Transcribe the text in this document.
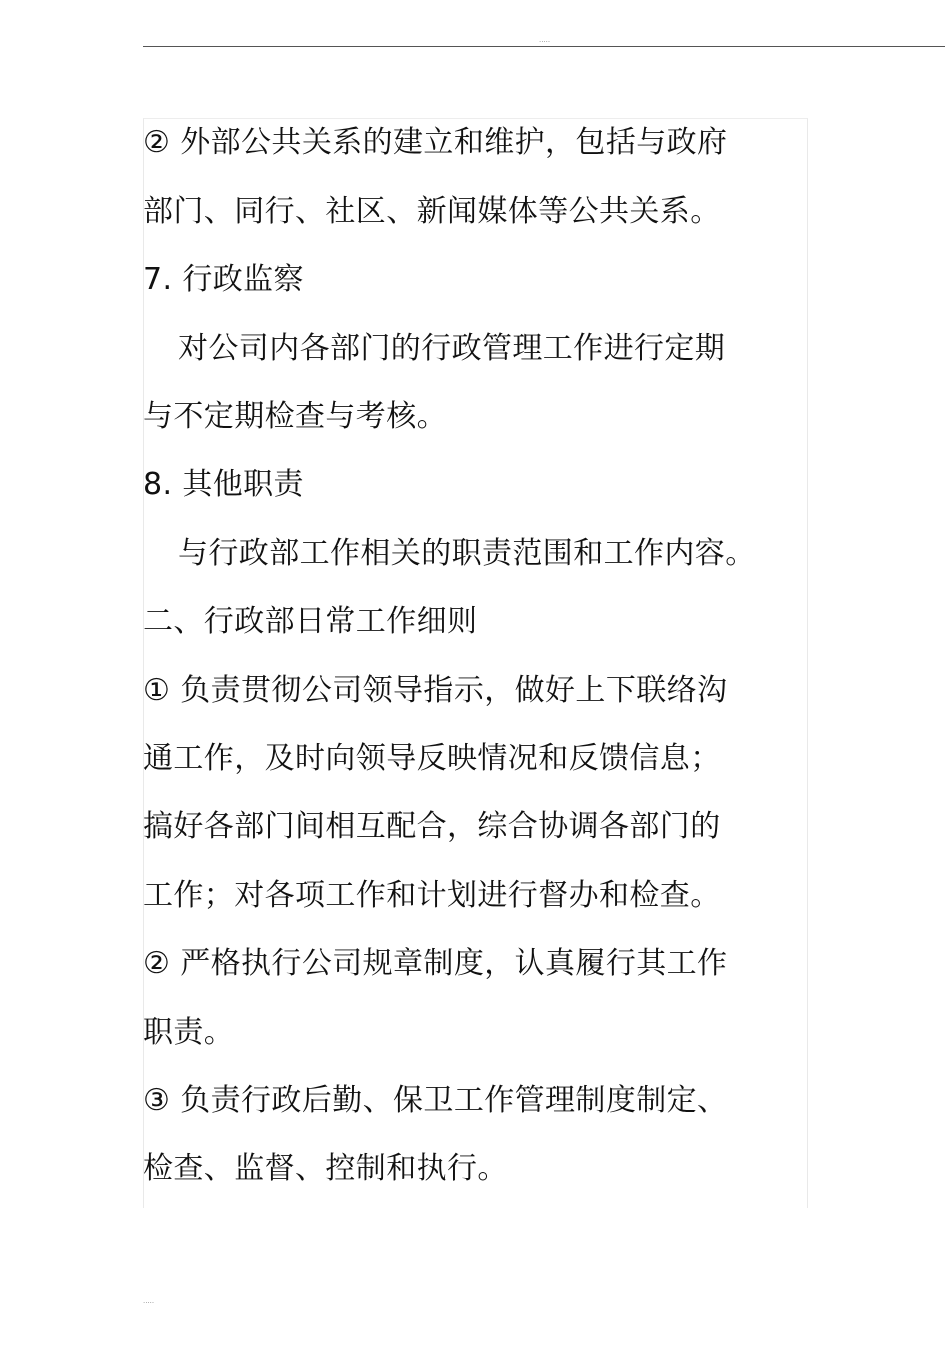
.....
② 外部公共关系的建立和维护，包括与政府
部门、同行、社区、新闻媒体等公共关系。
7. 行政监察
对公司内各部门的行政管理工作进行定期
与不定期检查与考核。
8. 其他职责
与行政部工作相关的职责范围和工作内容。
二、行政部日常工作细则
① 负责贯彻公司领导指示，做好上下联络沟
通工作，及时向领导反映情况和反馈信息；
搞好各部门间相互配合，综合协调各部门的
工作；对各项工作和计划进行督办和检查。
② 严格执行公司规章制度，认真履行其工作
职责。
③ 负责行政后勤、保卫工作管理制度制定、
检查、监督、控制和执行。
.....
